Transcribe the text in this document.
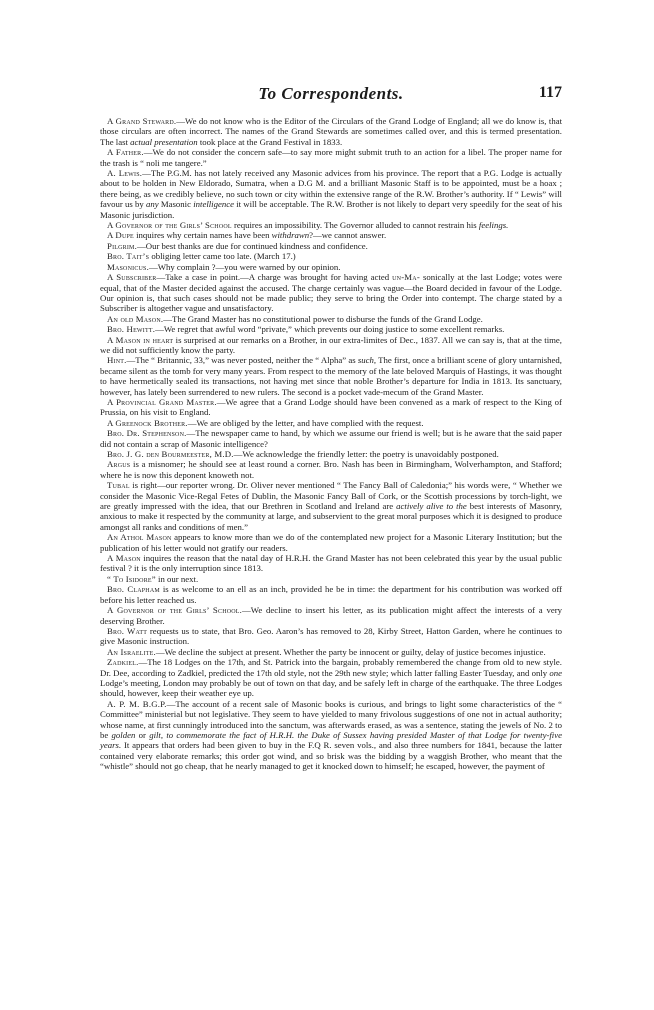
To Correspondents.	117

A Grand Steward.—We do not know who is the Editor of the Circulars of the Grand Lodge of England; all we do know is, that those circulars are often incorrect. The names of the Grand Stewards are sometimes called over, and this is termed presentation. The last actual presentation took place at the Grand Festival in 1833.

A Father.—We do not consider the concern safe—to say more might submit truth to an action for a libel. The proper name for the trash is “ noli me tangere.”

A. Lewis.—The P.G.M. has not lately received any Masonic advices from his province. The report that a P.G. Lodge is actually about to be holden in New Eldorado, Sumatra, when a D.G M. and a brilliant Masonic Staff is to be appointed, must be a hoax ; there being, as we credibly believe, no such town or city within the extensive range of the R.W. Brother’s authority. If “ Lewis” will favour us by any Masonic intelligence it will be acceptable. The R.W. Brother is not likely to depart very speedily for the seat of his Masonic jurisdiction.

A Governor of the Girls’ School requires an impossibility. The Governor alluded to cannot restrain his feelings.

A Dupe inquires why certain names have been withdrawn?—we cannot answer.

Pilgrim.—Our best thanks are due for continued kindness and confidence.

Bro. Tait’s obliging letter came too late. (March 17.)

Masonicus.—Why complain ?—you were warned by our opinion.

A Subscriber—Take a case in point.—A charge was brought for having acted un-Ma- sonically at the last Lodge; votes were equal, that of the Master decided against the accused. The charge certainly was vague—the Board decided in favour of the Lodge. Our opinion is, that such cases should not be made public; they serve to bring the Order into contempt. The charge stated by a Subscriber is altogether vague and unsatisfactory.

An old Mason.—The Grand Master has no constitutional power to disburse the funds of the Grand Lodge.

Bro. Hewitt.—We regret that awful word “private,” which prevents our doing justice to some excellent remarks.

A Mason in heart is surprised at our remarks on a Brother, in our extra-limites of Dec., 1837. All we can say is, that at the time, we did not sufficiently know the party.

Hint.—The “ Britannic, 33,” was never posted, neither the “ Alpha” as such, The first, once a brilliant scene of glory untarnished, became silent as the tomb for very many years. From respect to the memory of the late beloved Marquis of Hastings, it was thought to have hermetically sealed its transactions, not having met since that noble Brother’s departure for India in 1813. Its sanctuary, however, has lately been surrendered to new rulers. The second is a pocket vade-mecum of the Grand Master.

A Provincial Grand Master.—We agree that a Grand Lodge should have been convened as a mark of respect to the King of Prussia, on his visit to England.

A Greenock Brother.—We are obliged by the letter, and have complied with the request.

Bro. Dr. Stephenson.—The newspaper came to hand, by which we assume our friend is well; but is he aware that the said paper did not contain a scrap of Masonic intelligence?

Bro. J. G. den Bourmeester, M.D.—We acknowledge the friendly letter: the poetry is unavoidably postponed.

Argus is a misnomer; he should see at least round a corner. Bro. Nash has been in Birmingham, Wolverhampton, and Stafford; where he is now this deponent knoweth not.

Tubal is right—our reporter wrong. Dr. Oliver never mentioned “ The Fancy Ball of Caledonia;” his words were, “ Whether we consider the Masonic Vice-Regal Fetes of Dublin, the Masonic Fancy Ball of Cork, or the Scottish processions by torch-light, we are greatly impressed with the idea, that our Brethren in Scotland and Ireland are actively alive to the best interests of Masonry, anxious to make it respected by the community at large, and subservient to the great moral purposes which it is designed to produce amongst all ranks and conditions of men.”

An Athol Mason appears to know more than we do of the contemplated new project for a Masonic Literary Institution; but the publication of his letter would not gratify our readers.

A Mason inquires the reason that the natal day of H.R.H. the Grand Master has not been celebrated this year by the usual public festival ? it is the only interruption since 1813.

“ To Isidore” in our next.

Bro. Clapham is as welcome to an ell as an inch, provided he be in time: the department for his contribution was worked off before his letter reached us.

A Governor of the Girls’ School.—We decline to insert his letter, as its publication might affect the interests of a very deserving Brother.

Bro. Watt requests us to state, that Bro. Geo. Aaron’s has removed to 28, Kirby Street, Hatton Garden, where he continues to give Masonic instruction.

An Israelite.—We decline the subject at present. Whether the party be innocent or guilty, delay of justice becomes injustice.

Zadkiel.—The 18 Lodges on the 17th, and St. Patrick into the bargain, probably remembered the change from old to new style. Dr. Dee, according to Zadkiel, predicted the 17th old style, not the 29th new style; which latter falling Easter Tuesday, and only one Lodge’s meeting, London may probably be out of town on that day, and be safely left in charge of the earthquake. The three Lodges should, however, keep their weather eye up.

A. P. M. B.G.P.—The account of a recent sale of Masonic books is curious, and brings to light some characteristics of the “ Committee” ministerial but not legislative. They seem to have yielded to many frivolous suggestions of one not in actual authority; whose name, at first cunningly introduced into the sanctum, was afterwards erased, as was a sentence, stating the jewels of No. 2 to be golden or gilt, to commemorate the fact of H.R.H. the Duke of Sussex having presided Master of that Lodge for twenty-five years. It appears that orders had been given to buy in the F.Q R. seven vols., and also three numbers for 1841, because the latter contained very elaborate remarks; this order got wind, and so brisk was the bidding by a waggish Brother, who meant that the “whistle” should not go cheap, that he nearly managed to get it knocked down to himself; he escaped, however, the payment of
